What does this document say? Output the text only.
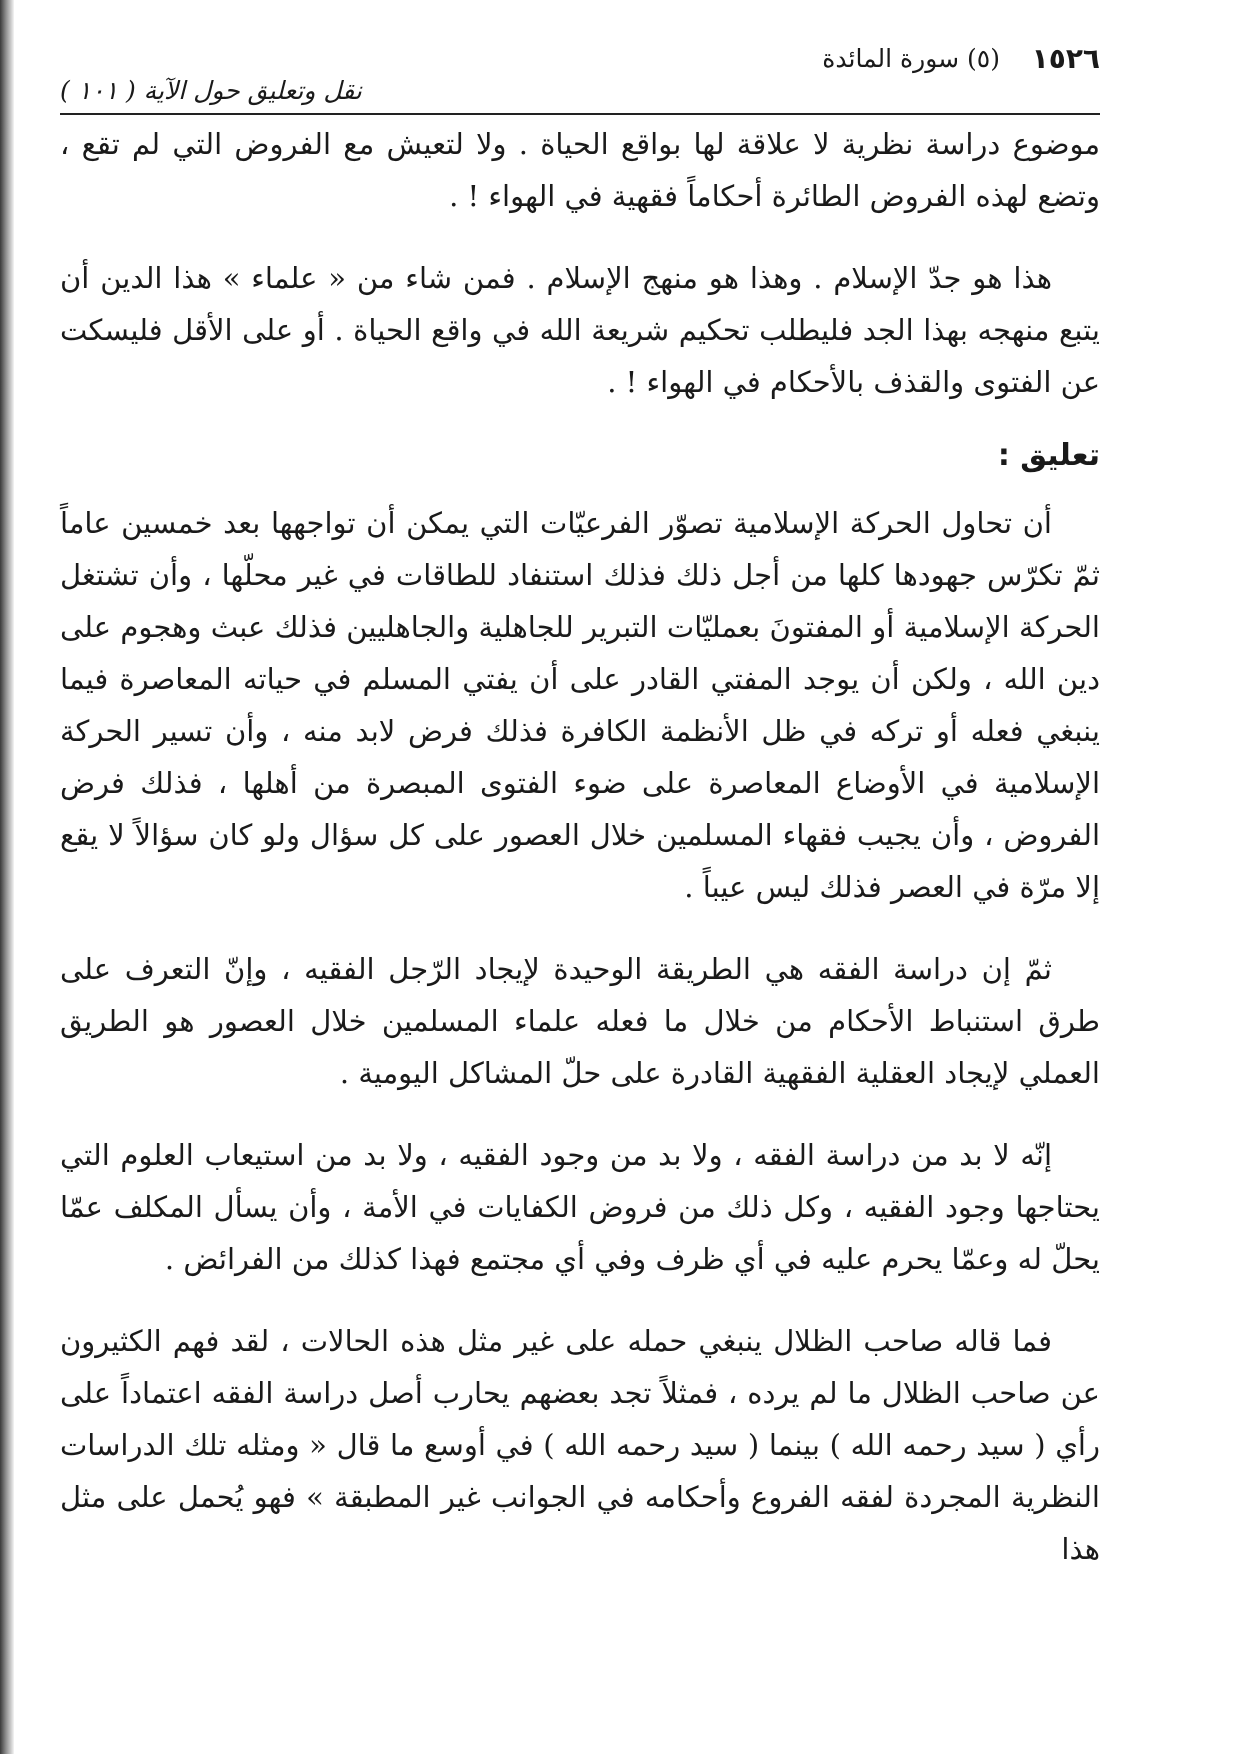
١٥٢٦
(٥) سورة المائدة
نقل وتعليق حول الآية ( ١٠١ )

موضوع دراسة نظرية لا علاقة لها بواقع الحياة . ولا لتعيش مع الفروض التي لم تقع ، وتضع لهذه الفروض الطائرة أحكاماً فقهية في الهواء ! .

هذا هو جدّ الإسلام . وهذا هو منهج الإسلام . فمن شاء من « علماء » هذا الدين أن يتبع منهجه بهذا الجد فليطلب تحكيم شريعة الله في واقع الحياة . أو على الأقل فليسكت عن الفتوى والقذف بالأحكام في الهواء ! .

تعليق :

أن تحاول الحركة الإسلامية تصوّر الفرعيّات التي يمكن أن تواجهها بعد خمسين عاماً ثمّ تكرّس جهودها كلها من أجل ذلك فذلك استنفاد للطاقات في غير محلّها ، وأن تشتغل الحركة الإسلامية أو المفتونَ بعمليّات التبرير للجاهلية والجاهليين فذلك عبث وهجوم على دين الله ، ولكن أن يوجد المفتي القادر على أن يفتي المسلم في حياته المعاصرة فيما ينبغي فعله أو تركه في ظل الأنظمة الكافرة فذلك فرض لابد منه ، وأن تسير الحركة الإسلامية في الأوضاع المعاصرة على ضوء الفتوى المبصرة من أهلها ، فذلك فرض الفروض ، وأن يجيب فقهاء المسلمين خلال العصور على كل سؤال ولو كان سؤالاً لا يقع إلا مرّة في العصر فذلك ليس عيباً .

ثمّ إن دراسة الفقه هي الطريقة الوحيدة لإيجاد الرّجل الفقيه ، وإنّ التعرف على طرق استنباط الأحكام من خلال ما فعله علماء المسلمين خلال العصور هو الطريق العملي لإيجاد العقلية الفقهية القادرة على حلّ المشاكل اليومية .

إنّه لا بد من دراسة الفقه ، ولا بد من وجود الفقيه ، ولا بد من استيعاب العلوم التي يحتاجها وجود الفقيه ، وكل ذلك من فروض الكفايات في الأمة ، وأن يسأل المكلف عمّا يحلّ له وعمّا يحرم عليه في أي ظرف وفي أي مجتمع فهذا كذلك من الفرائض .

فما قاله صاحب الظلال ينبغي حمله على غير مثل هذه الحالات ، لقد فهم الكثيرون عن صاحب الظلال ما لم يرده ، فمثلاً تجد بعضهم يحارب أصل دراسة الفقه اعتماداً على رأي ( سيد رحمه الله ) بينما ( سيد رحمه الله ) في أوسع ما قال « ومثله تلك الدراسات النظرية المجردة لفقه الفروع وأحكامه في الجوانب غير المطبقة » فهو يُحمل على مثل هذا
